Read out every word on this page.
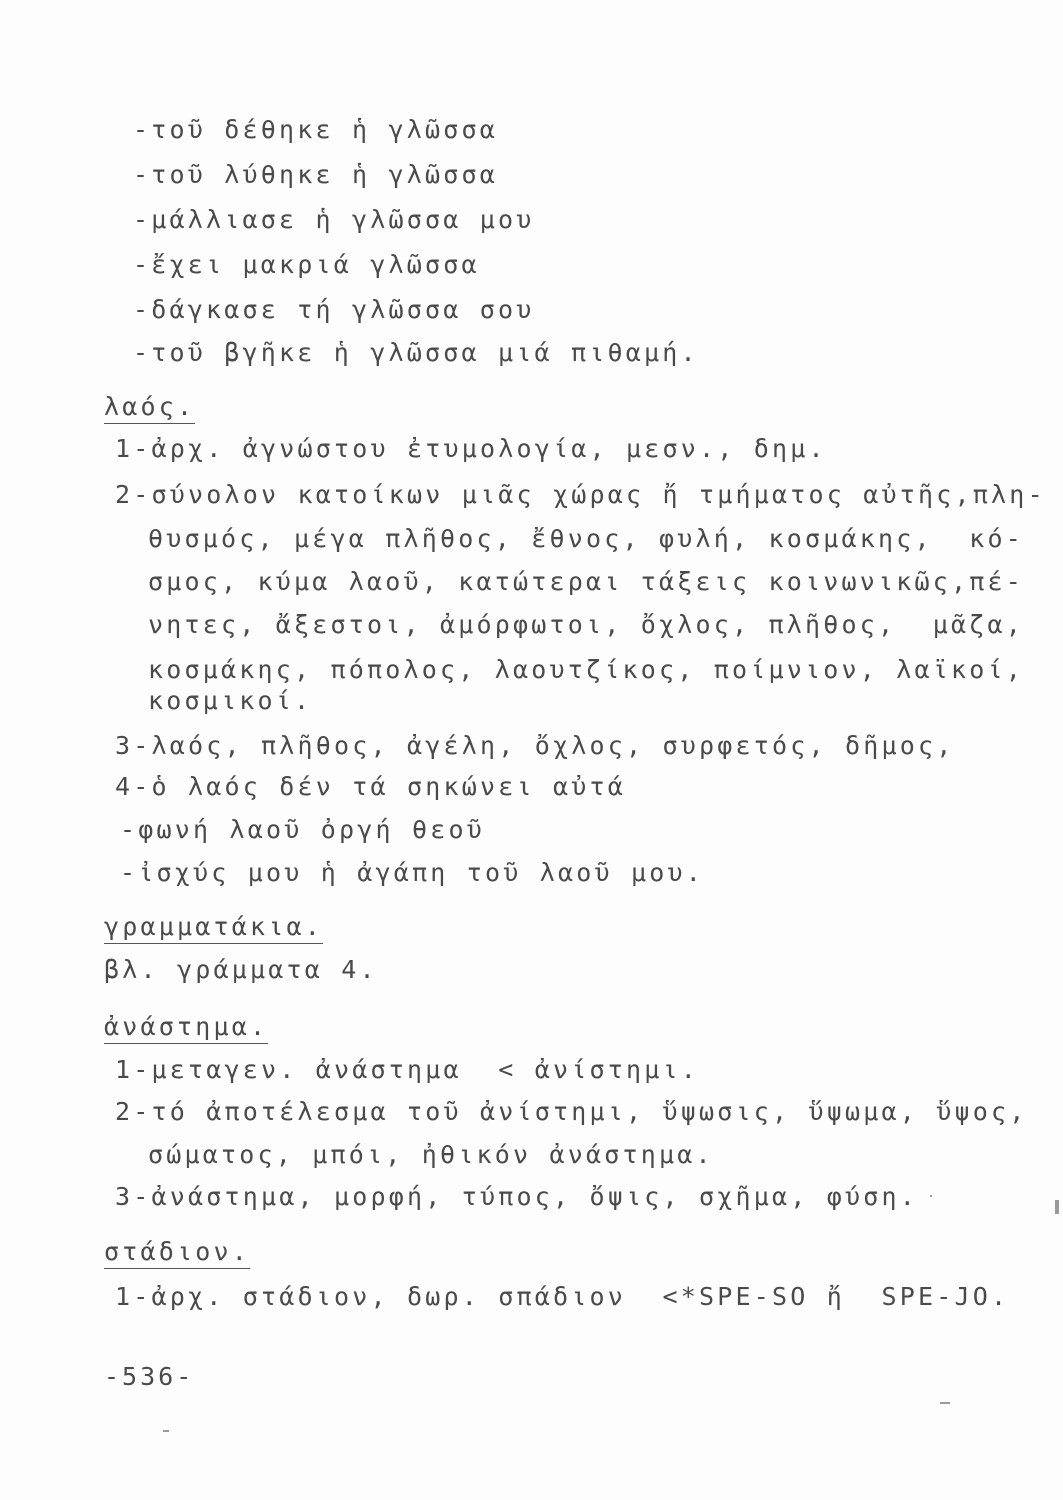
-τοῦ δέθηκε ἡ γλῶσσα
-τοῦ λύθηκε ἡ γλῶσσα
-μάλλιασε ἡ γλῶσσα μου
-ἔχει μακριά γλῶσσα
-δάγκασε τή γλῶσσα σου
-τοῦ βγῆκε ἡ γλῶσσα μιά πιθαμή.
λαός.
1-ἀρχ. ἀγνώστου ἐτυμολογία, μεσν., δημ.
2-σύνολον κατοίκων μιᾶς χώρας ἤ τμήματος αὐτῆς,πλη-
θυσμός, μέγα πλῆθος, ἔθνος, φυλή, κοσμάκης,  κό-
σμος, κύμα λαοῦ, κατώτεραι τάξεις κοινωνικῶς,πέ-
νητες, ἄξεστοι, ἀμόρφωτοι, ὄχλος, πλῆθος,  μᾶζα,
κοσμάκης, πόπολος, λαουτζίκος, ποίμνιον, λαϊκοί,
κοσμικοί.
3-λαός, πλῆθος, ἀγέλη, ὄχλος, συρφετός, δῆμος,
4-ὁ λαός δέν τά σηκώνει αὐτά
-φωνή λαοῦ ὀργή θεοῦ
-ἰσχύς μου ἡ ἀγάπη τοῦ λαοῦ μου.
γραμματάκια.
βλ. γράμματα 4.
ἀνάστημα.
1-μεταγεν. ἀνάστημα  < ἀνίστημι.
2-τό ἀποτέλεσμα τοῦ ἀνίστημι, ὕψωσις, ὕψωμα, ὕψος,
σώματος, μπόι, ἠθικόν ἀνάστημα.
3-ἀνάστημα, μορφή, τύπος, ὄψις, σχῆμα, φύση.
στάδιον.
1-ἀρχ. στάδιον, δωρ. σπάδιον  <*SPE-SO ἤ  SPE-JO.
-536-
